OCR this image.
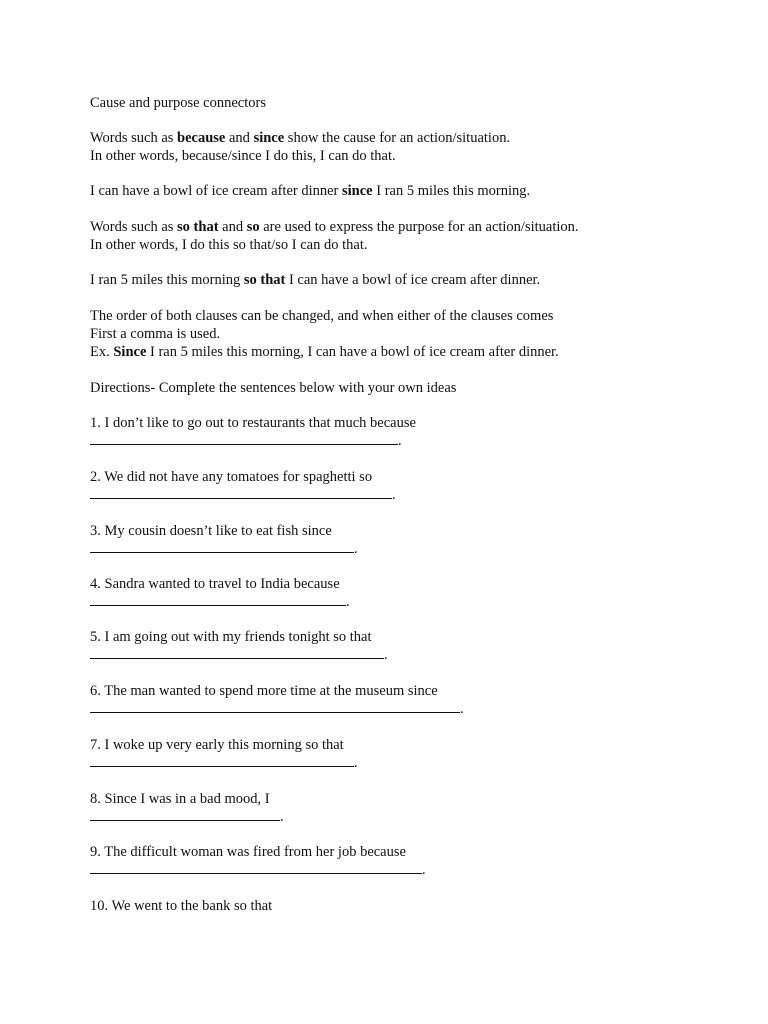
Cause and purpose connectors
Words such as because and since show the cause for an action/situation.
In other words, because/since I do this, I can do that.
I can have a bowl of ice cream after dinner since I ran 5 miles this morning.
Words such as so that and so are used to express the purpose for an action/situation.
In other words, I do this so that/so I can do that.
I ran 5 miles this morning so that I can have a bowl of ice cream after dinner.
The order of both clauses can be changed, and when either of the clauses comes
First a comma is used.
Ex. Since I ran 5 miles this morning, I can have a bowl of ice cream after dinner.
Directions- Complete the sentences below with your own ideas
1. I don’t like to go out to restaurants that much because
.
2. We did not have any tomatoes for spaghetti so
.
3. My cousin doesn’t like to eat fish since
.
4. Sandra wanted to travel to India because
.
5. I am going out with my friends tonight so that
.
6. The man wanted to spend more time at the museum since
.
7. I woke up very early this morning so that
.
8. Since I was in a bad mood, I
.
9. The difficult woman was fired from her job because
.
10. We went to the bank so that
